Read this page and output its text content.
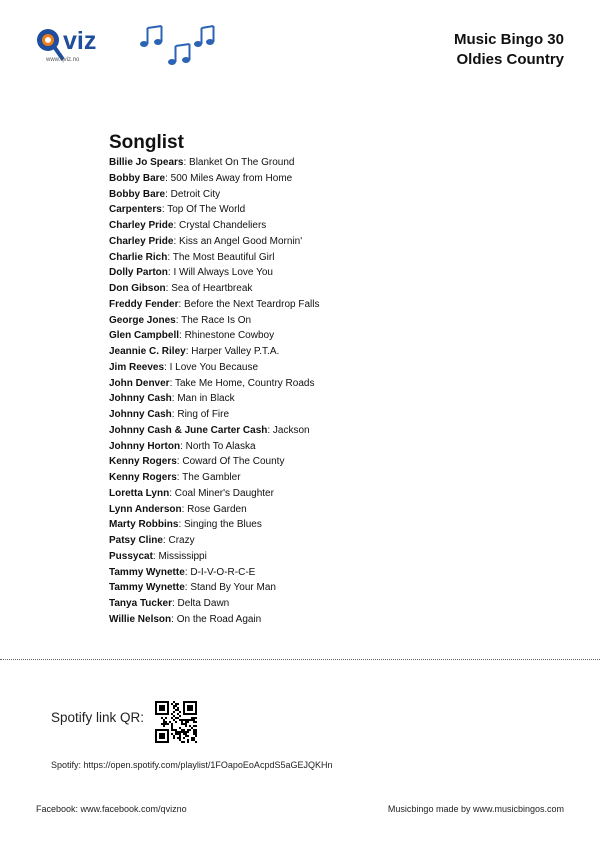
viz
www.qviz.no
Music Bingo 30
Oldies Country
Songlist
Billie Jo Spears: Blanket On The Ground
Bobby Bare: 500 Miles Away from Home
Bobby Bare: Detroit City
Carpenters: Top Of The World
Charley Pride: Crystal Chandeliers
Charley Pride: Kiss an Angel Good Mornin'
Charlie Rich: The Most Beautiful Girl
Dolly Parton: I Will Always Love You
Don Gibson: Sea of Heartbreak
Freddy Fender: Before the Next Teardrop Falls
George Jones: The Race Is On
Glen Campbell: Rhinestone Cowboy
Jeannie C. Riley: Harper Valley P.T.A.
Jim Reeves: I Love You Because
John Denver: Take Me Home, Country Roads
Johnny Cash: Man in Black
Johnny Cash: Ring of Fire
Johnny Cash & June Carter Cash: Jackson
Johnny Horton: North To Alaska
Kenny Rogers: Coward Of The County
Kenny Rogers: The Gambler
Loretta Lynn: Coal Miner's Daughter
Lynn Anderson: Rose Garden
Marty Robbins: Singing the Blues
Patsy Cline: Crazy
Pussycat: Mississippi
Tammy Wynette: D-I-V-O-R-C-E
Tammy Wynette: Stand By Your Man
Tanya Tucker: Delta Dawn
Willie Nelson: On the Road Again
Spotify link QR:
Spotify: https://open.spotify.com/playlist/1FOapoEoAcpdS5aGEJQKHn
Facebook: www.facebook.com/qvizno	Musicbingo made by www.musicbingos.com
